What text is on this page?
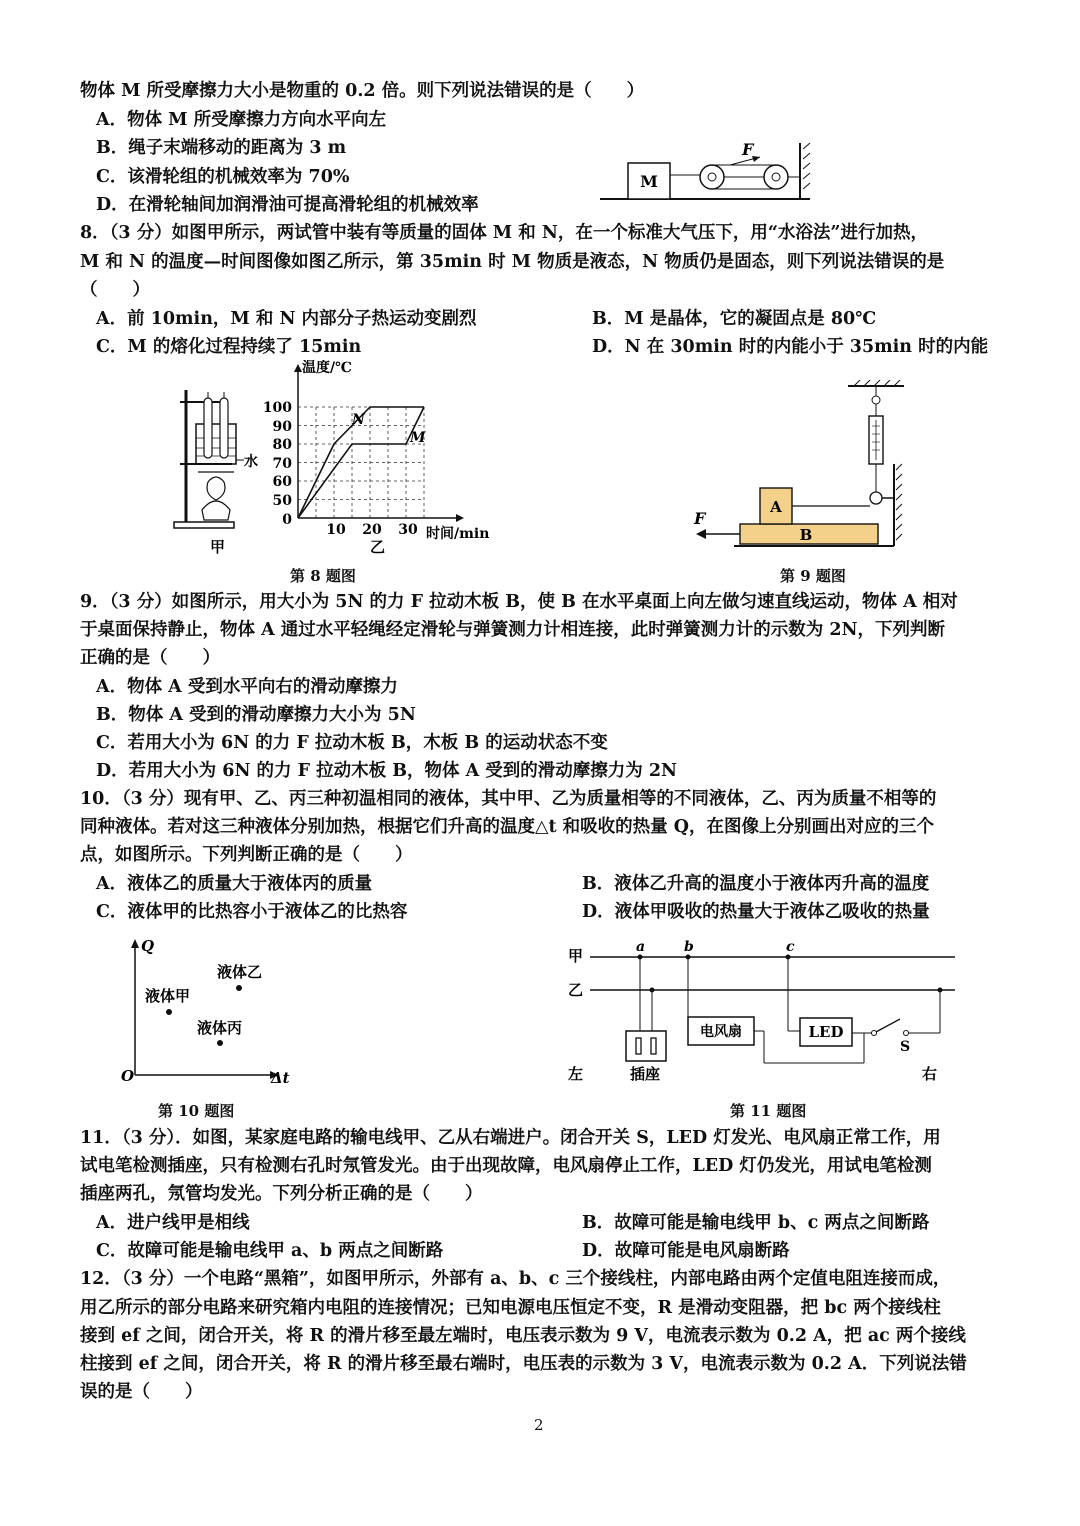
物体 M 所受摩擦力大小是物重的 0.2 倍。则下列说法错误的是（　　）
A．物体 M 所受摩擦力方向水平向左
B．绳子末端移动的距离为 3 m
C．该滑轮组的机械效率为 70%
D．在滑轮轴间加润滑油可提高滑轮组的机械效率
M
F
8．（3 分）如图甲所示，两试管中装有等质量的固体 M 和 N，在一个标准大气压下，用“水浴法”进行加热，
M 和 N 的温度—时间图像如图乙所示，第 35min 时 M 物质是液态，N 物质仍是固态，则下列说法错误的是
（　　）
A．前 10min，M 和 N 内部分子热运动变剧烈	B．M 是晶体，它的凝固点是 80℃
C．M 的熔化过程持续了 15min	D．N 在 30min 时的内能小于 35min 时的内能
水
甲
温度/℃
时间/min
乙
100
90
80
70
60
50
0
10 20 30
N
M
第 8 题图
B
A
F
第 9 题图
9．（3 分）如图所示，用大小为 5N 的力 F 拉动木板 B，使 B 在水平桌面上向左做匀速直线运动，物体 A 相对
于桌面保持静止，物体 A 通过水平轻绳经定滑轮与弹簧测力计相连接，此时弹簧测力计的示数为 2N，下列判断
正确的是（　　）
A．物体 A 受到水平向右的滑动摩擦力
B．物体 A 受到的滑动摩擦力大小为 5N
C．若用大小为 6N 的力 F 拉动木板 B，木板 B 的运动状态不变
D．若用大小为 6N 的力 F 拉动木板 B，物体 A 受到的滑动摩擦力为 2N
10．（3 分）现有甲、乙、丙三种初温相同的液体，其中甲、乙为质量相等的不同液体，乙、丙为质量不相等的
同种液体。若对这三种液体分别加热，根据它们升高的温度△t 和吸收的热量 Q，在图像上分别画出对应的三个
点，如图所示。下列判断正确的是（　　）
A．液体乙的质量大于液体丙的质量	B．液体乙升高的温度小于液体丙升高的温度
C．液体甲的比热容小于液体乙的比热容	D．液体甲吸收的热量大于液体乙吸收的热量
Q
O	Δt
液体乙
液体甲
液体丙
第 10 题图
甲
乙
a	b	c
电风扇	LED
S
左	插座	右
第 11 题图
11．（3 分）．如图，某家庭电路的输电线甲、乙从右端进户。闭合开关 S，LED 灯发光、电风扇正常工作，用
试电笔检测插座，只有检测右孔时氖管发光。由于出现故障，电风扇停止工作，LED 灯仍发光，用试电笔检测
插座两孔，氖管均发光。下列分析正确的是（　　）
A．进户线甲是相线	B．故障可能是输电线甲 b、c 两点之间断路
C．故障可能是输电线甲 a、b 两点之间断路	D．故障可能是电风扇断路
12．（3 分）一个电路“黑箱”，如图甲所示，外部有 a、b、c 三个接线柱，内部电路由两个定值电阻连接而成，
用乙所示的部分电路来研究箱内电阻的连接情况；已知电源电压恒定不变，R 是滑动变阻器，把 bc 两个接线柱
接到 ef 之间，闭合开关，将 R 的滑片移至最左端时，电压表示数为 9 V，电流表示数为 0.2 A，把 ac 两个接线
柱接到 ef 之间，闭合开关，将 R 的滑片移至最右端时，电压表的示数为 3 V，电流表示数为 0.2 A．下列说法错
误的是（　　）
2
